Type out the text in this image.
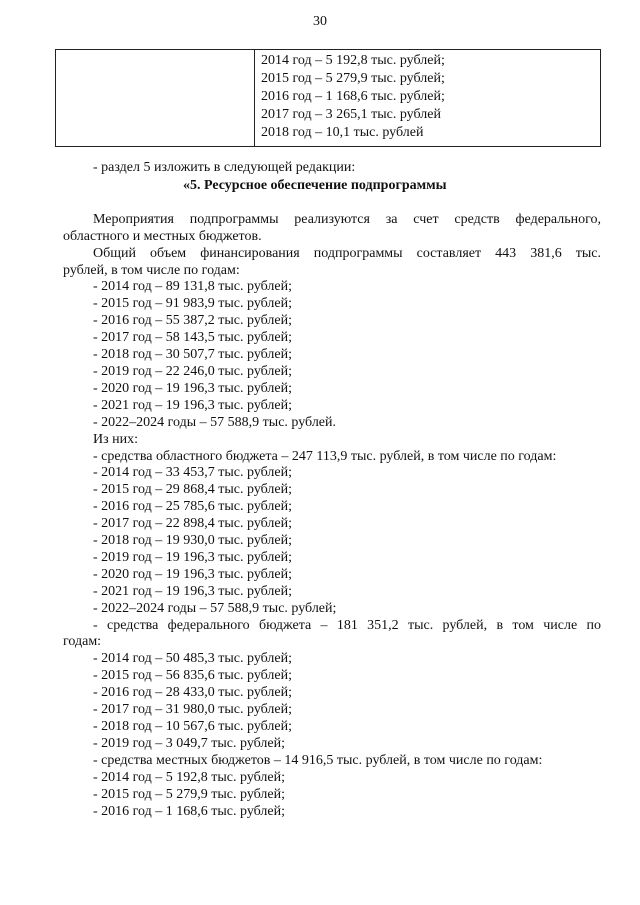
30

2014 год – 5 192,8 тыс. рублей;
2015 год – 5 279,9 тыс. рублей;
2016 год – 1 168,6 тыс. рублей;
2017 год – 3 265,1 тыс. рублей
2018 год – 10,1 тыс. рублей
- раздел 5 изложить в следующей редакции:
«5. Ресурсное обеспечение подпрограммы
Мероприятия подпрограммы реализуются за счет средств федерального,
областного и местных бюджетов.
Общий объем финансирования подпрограммы составляет 443 381,6 тыс.
рублей, в том числе по годам:
- 2014 год – 89 131,8 тыс. рублей;
- 2015 год – 91 983,9 тыс. рублей;
- 2016 год – 55 387,2 тыс. рублей;
- 2017 год – 58 143,5 тыс. рублей;
- 2018 год – 30 507,7 тыс. рублей;
- 2019 год – 22 246,0 тыс. рублей;
- 2020 год – 19 196,3 тыс. рублей;
- 2021 год – 19 196,3 тыс. рублей;
- 2022–2024 годы – 57 588,9 тыс. рублей.
Из них:
- средства областного бюджета – 247 113,9 тыс. рублей, в том числе по годам:
- 2014 год – 33 453,7 тыс. рублей;
- 2015 год – 29 868,4 тыс. рублей;
- 2016 год – 25 785,6 тыс. рублей;
- 2017 год – 22 898,4 тыс. рублей;
- 2018 год – 19 930,0 тыс. рублей;
- 2019 год – 19 196,3 тыс. рублей;
- 2020 год – 19 196,3 тыс. рублей;
- 2021 год – 19 196,3 тыс. рублей;
- 2022–2024 годы – 57 588,9 тыс. рублей;
- средства федерального бюджета – 181 351,2 тыс. рублей, в том числе по
годам:
- 2014 год – 50 485,3 тыс. рублей;
- 2015 год – 56 835,6 тыс. рублей;
- 2016 год – 28 433,0 тыс. рублей;
- 2017 год – 31 980,0 тыс. рублей;
- 2018 год – 10 567,6 тыс. рублей;
- 2019 год – 3 049,7 тыс. рублей;
- средства местных бюджетов – 14 916,5 тыс. рублей, в том числе по годам:
- 2014 год – 5 192,8 тыс. рублей;
- 2015 год – 5 279,9 тыс. рублей;
- 2016 год – 1 168,6 тыс. рублей;
